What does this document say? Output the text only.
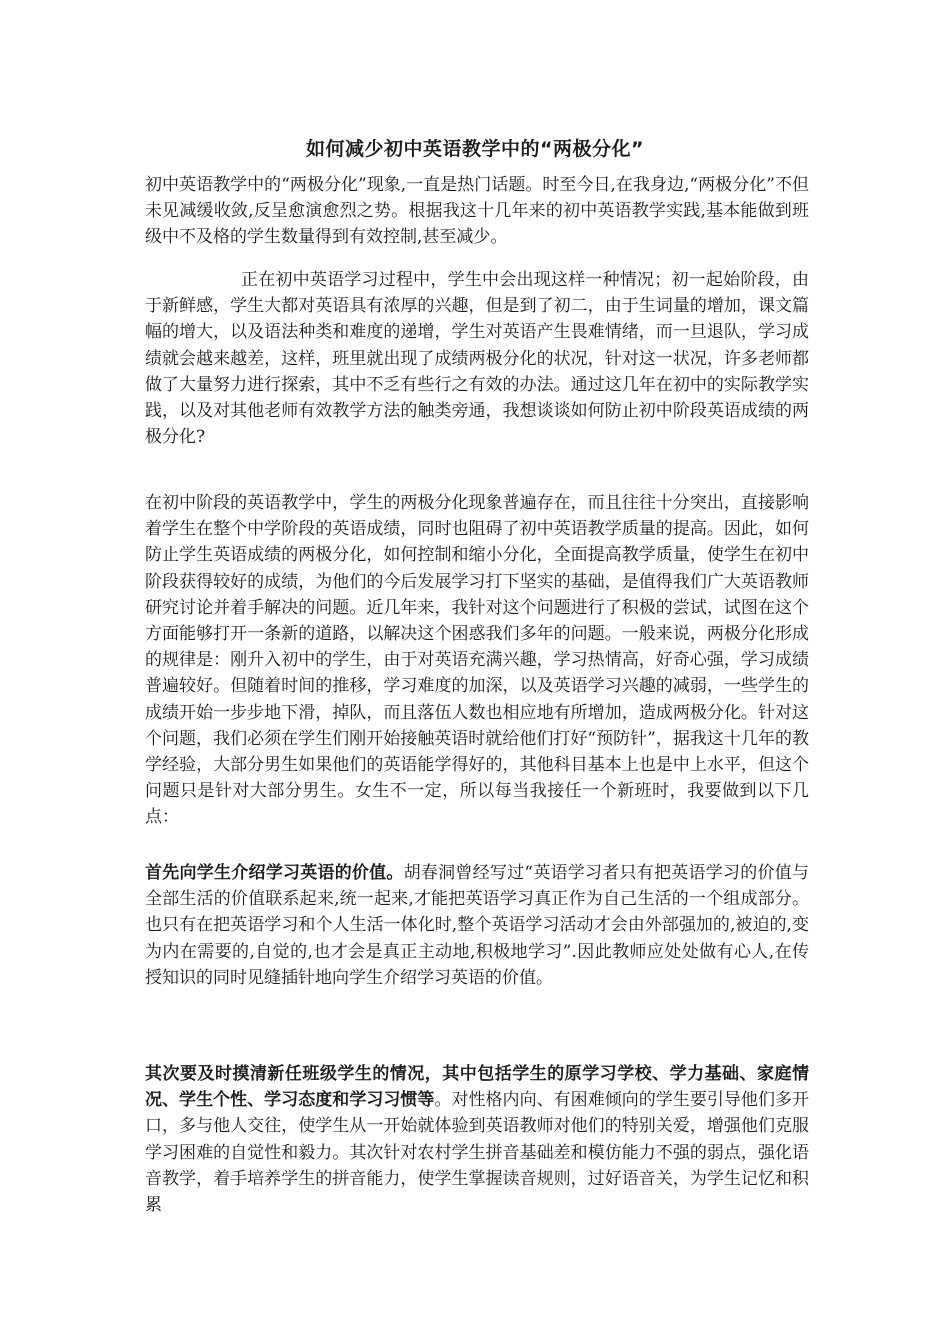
如何减少初中英语教学中的“两极分化”

初中英语教学中的“两极分化”现象,一直是热门话题。时至今日,在我身边,“两极分化”不但未见减缓收敛,反呈愈演愈烈之势。根据我这十几年来的初中英语教学实践,基本能做到班级中不及格的学生数量得到有效控制,甚至减少。

正在初中英语学习过程中，学生中会出现这样一种情况；初一起始阶段，由于新鲜感，学生大都对英语具有浓厚的兴趣，但是到了初二，由于生词量的增加，课文篇幅的增大，以及语法种类和难度的递增，学生对英语产生畏难情绪，而一旦退队，学习成绩就会越来越差，这样，班里就出现了成绩两极分化的状况，针对这一状况，许多老师都做了大量努力进行探索，其中不乏有些行之有效的办法。通过这几年在初中的实际教学实践，以及对其他老师有效教学方法的触类旁通，我想谈谈如何防止初中阶段英语成绩的两极分化?

在初中阶段的英语教学中，学生的两极分化现象普遍存在，而且往往十分突出，直接影响着学生在整个中学阶段的英语成绩，同时也阻碍了初中英语教学质量的提高。因此，如何防止学生英语成绩的两极分化，如何控制和缩小分化，全面提高教学质量，使学生在初中阶段获得较好的成绩，为他们的今后发展学习打下坚实的基础，是值得我们广大英语教师研究讨论并着手解决的问题。近几年来，我针对这个问题进行了积极的尝试，试图在这个方面能够打开一条新的道路，以解决这个困惑我们多年的问题。一般来说，两极分化形成的规律是：刚升入初中的学生，由于对英语充满兴趣，学习热情高，好奇心强，学习成绩普遍较好。但随着时间的推移，学习难度的加深，以及英语学习兴趣的减弱，一些学生的成绩开始一步步地下滑，掉队，而且落伍人数也相应地有所增加，造成两极分化。针对这个问题，我们必须在学生们刚开始接触英语时就给他们打好“预防针”，据我这十几年的教学经验，大部分男生如果他们的英语能学得好的，其他科目基本上也是中上水平，但这个问题只是针对大部分男生。女生不一定，所以每当我接任一个新班时，我要做到以下几点：

首先向学生介绍学习英语的价值。胡春洞曾经写过“英语学习者只有把英语学习的价值与全部生活的价值联系起来,统一起来,才能把英语学习真正作为自己生活的一个组成部分。也只有在把英语学习和个人生活一体化时,整个英语学习活动才会由外部强加的,被迫的,变为内在需要的,自觉的,也才会是真正主动地,积极地学习”.因此教师应处处做有心人,在传授知识的同时见缝插针地向学生介绍学习英语的价值。

其次要及时摸清新任班级学生的情况，其中包括学生的原学习学校、学力基础、家庭情况、学生个性、学习态度和学习习惯等。对性格内向、有困难倾向的学生要引导他们多开口，多与他人交往，使学生从一开始就体验到英语教师对他们的特别关爱，增强他们克服学习困难的自觉性和毅力。其次针对农村学生拼音基础差和模仿能力不强的弱点，强化语音教学，着手培养学生的拼音能力，使学生掌握读音规则，过好语音关，为学生记忆和积累
